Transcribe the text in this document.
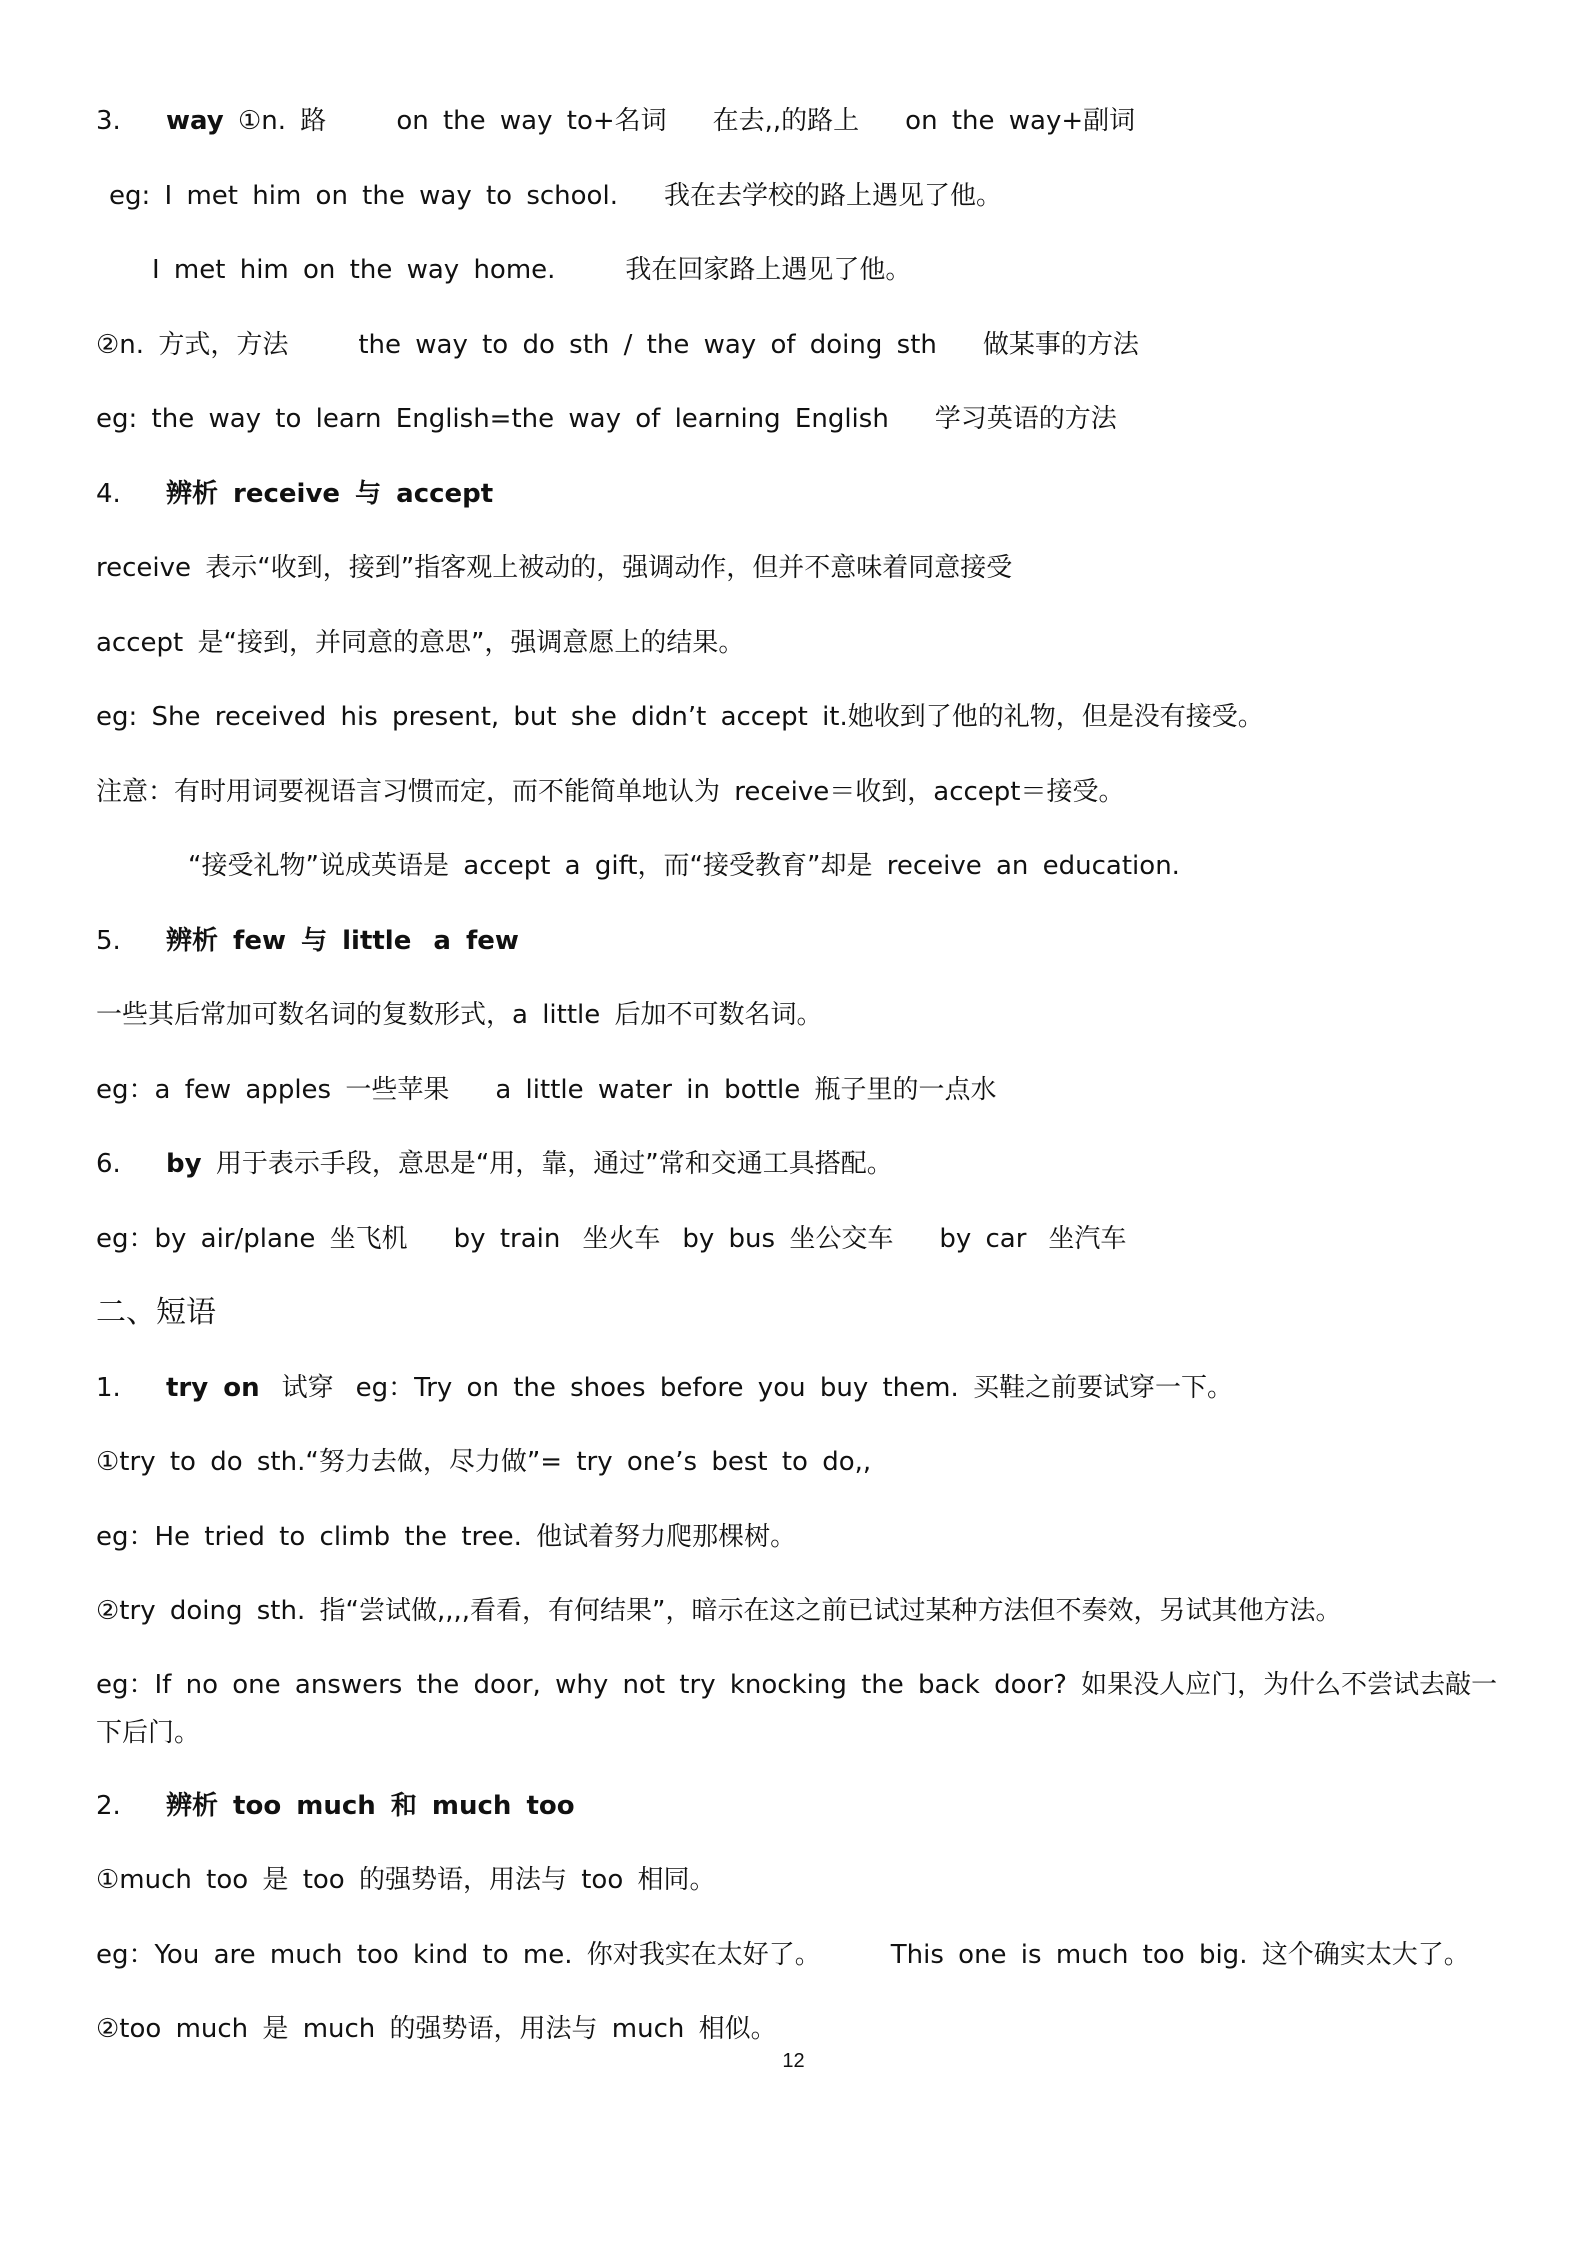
3. way ①n. 路	on the way to+名词 在去,,的路上 on the way+副词
eg: I met him on the way to school. 我在去学校的路上遇见了他。
I met him on the way home.	我在回家路上遇见了他。
②n. 方式，方法	the way to do sth / the way of doing sth 做某事的方法
eg: the way to learn English=the way of learning English 学习英语的方法
4. 辨析 receive 与 accept
receive 表示“收到，接到”指客观上被动的，强调动作，但并不意味着同意接受
accept 是“接到，并同意的意思”，强调意愿上的结果。
eg: She received his present, but she didn’t accept it.她收到了他的礼物，但是没有接受。
注意：有时用词要视语言习惯而定，而不能简单地认为 receive＝收到，accept＝接受。
“接受礼物”说成英语是 accept a gift，而“接受教育”却是 receive an education.
5. 辨析 few 与 little a few
一些其后常加可数名词的复数形式，a little 后加不可数名词。
eg：a few apples 一些苹果 a little water in bottle 瓶子里的一点水
6. by 用于表示手段，意思是“用，靠，通过”常和交通工具搭配。
eg：by air/plane 坐飞机 by train 坐火车 by bus 坐公交车 by car 坐汽车
二、短语
1. try on 试穿 eg：Try on the shoes before you buy them. 买鞋之前要试穿一下。
①try to do sth.“努力去做，尽力做”= try one’s best to do,,
eg：He tried to climb the tree. 他试着努力爬那棵树。
②try doing sth. 指“尝试做,,,,看看，有何结果”，暗示在这之前已试过某种方法但不奏效，另试其他方法。
eg：If no one answers the door, why not try knocking the back door? 如果没人应门，为什么不尝试去敲一下后门。
2. 辨析 too much 和 much too
①much too 是 too 的强势语，用法与 too 相同。
eg：You are much too kind to me. 你对我实在太好了。	This one is much too big. 这个确实太大了。
②too much 是 much 的强势语，用法与 much 相似。
12
